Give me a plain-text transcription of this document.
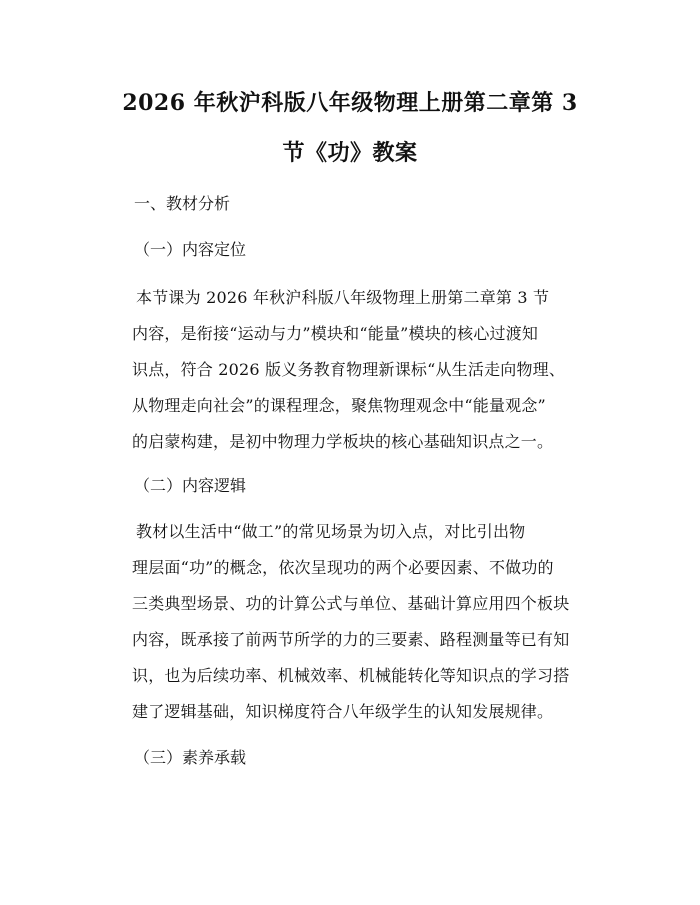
2026 年秋沪科版八年级物理上册第二章第 3
节《功》教案

一、教材分析

（一）内容定位

本节课为 2026 年秋沪科版八年级物理上册第二章第 3 节
内容，是衔接“运动与力”模块和“能量”模块的核心过渡知
识点，符合 2026 版义务教育物理新课标“从生活走向物理、
从物理走向社会”的课程理念，聚焦物理观念中“能量观念”
的启蒙构建，是初中物理力学板块的核心基础知识点之一。

（二）内容逻辑

教材以生活中“做工”的常见场景为切入点，对比引出物
理层面“功”的概念，依次呈现功的两个必要因素、不做功的
三类典型场景、功的计算公式与单位、基础计算应用四个板块
内容，既承接了前两节所学的力的三要素、路程测量等已有知
识，也为后续功率、机械效率、机械能转化等知识点的学习搭
建了逻辑基础，知识梯度符合八年级学生的认知发展规律。

（三）素养承载
